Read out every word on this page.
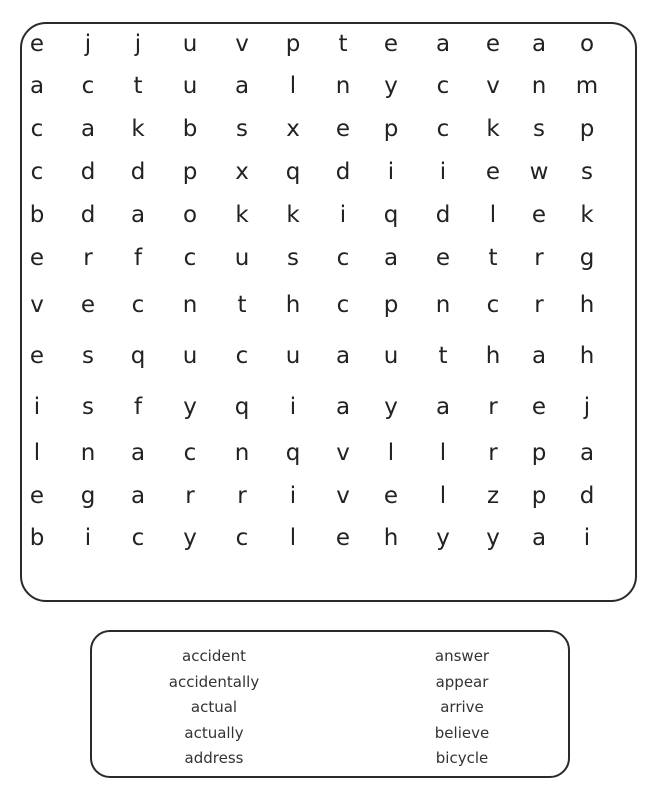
e	j	j	u	v	p	t	e	a	e	a	o
a	c	t	u	a	l	n	y	c	v	n	m
c	a	k	b	s	x	e	p	c	k	s	p
c	d	d	p	x	q	d	i	i	e	w	s
b	d	a	o	k	k	i	q	d	l	e	k
e	r	f	c	u	s	c	a	e	t	r	g
v	e	c	n	t	h	c	p	n	c	r	h
e	s	q	u	c	u	a	u	t	h	a	h
i	s	f	y	q	i	a	y	a	r	e	j
l	n	a	c	n	q	v	l	l	r	p	a
e	g	a	r	r	i	v	e	l	z	p	d
b	i	c	y	c	l	e	h	y	y	a	i
accident
accidentally
actual
actually
address
answer
appear
arrive
believe
bicycle
